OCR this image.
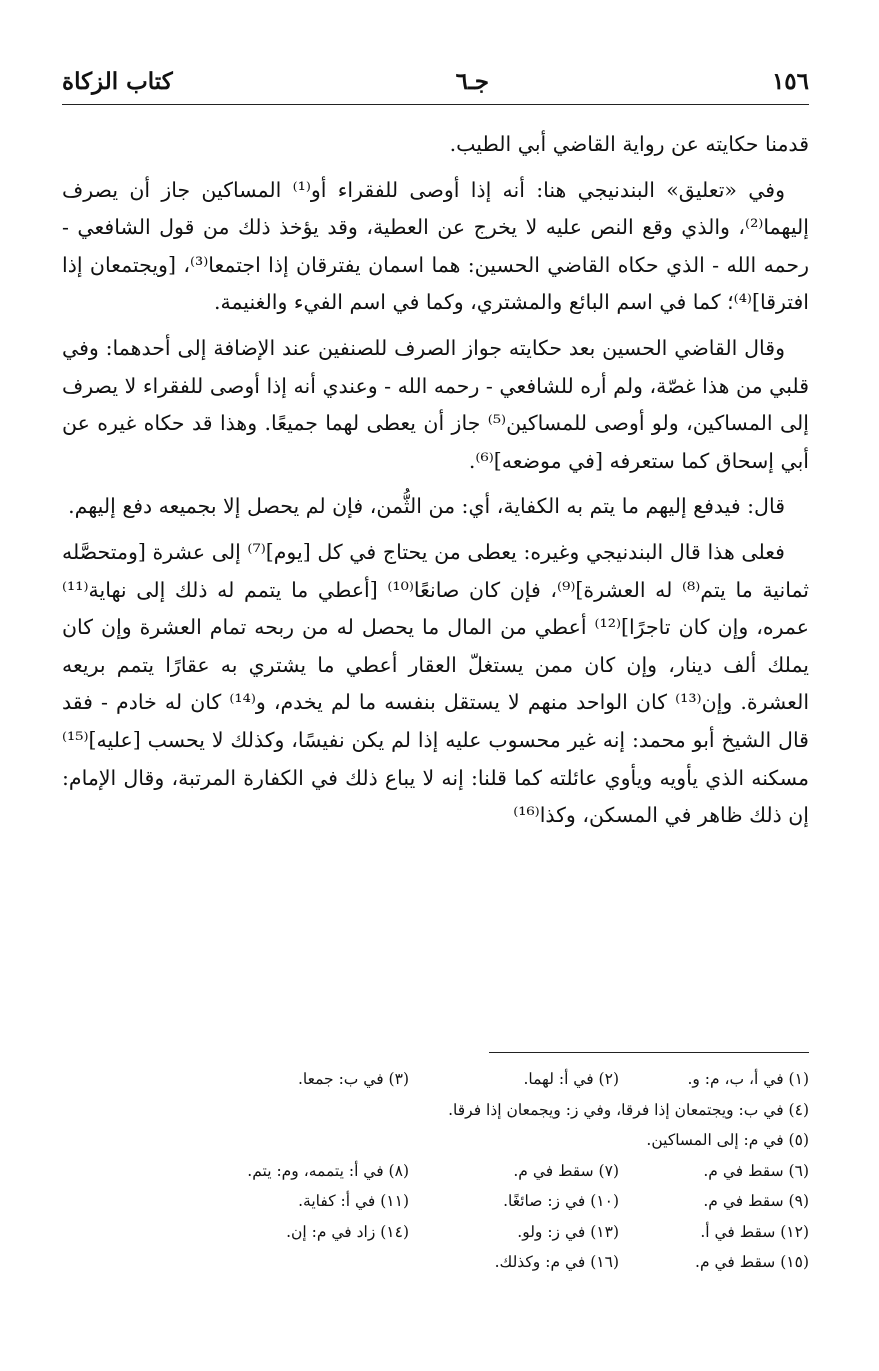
١٥٦
جـ٦
كتاب الزكاة

قدمنا حكايته عن رواية القاضي أبي الطيب.

وفي «تعليق» البندنيجي هنا: أنه إذا أوصى للفقراء أو⁽¹⁾ المساكين جاز أن يصرف إليهما⁽²⁾، والذي وقع النص عليه لا يخرج عن العطية، وقد يؤخذ ذلك من قول الشافعي - رحمه الله - الذي حكاه القاضي الحسين: هما اسمان يفترقان إذا اجتمعا⁽³⁾، [ويجتمعان إذا افترقا]⁽⁴⁾؛ كما في اسم البائع والمشتري، وكما في اسم الفيء والغنيمة.

وقال القاضي الحسين بعد حكايته جواز الصرف للصنفين عند الإضافة إلى أحدهما: وفي قلبي من هذا غصّة، ولم أره للشافعي - رحمه الله - وعندي أنه إذا أوصى للفقراء لا يصرف إلى المساكين، ولو أوصى للمساكين⁽⁵⁾ جاز أن يعطى لهما جميعًا. وهذا قد حكاه غيره عن أبي إسحاق كما ستعرفه [في موضعه]⁽⁶⁾.

قال: فيدفع إليهم ما يتم به الكفاية، أي: من الثُّمن، فإن لم يحصل إلا بجميعه دفع إليهم.

فعلى هذا قال البندنيجي وغيره: يعطى من يحتاج في كل [يوم]⁽⁷⁾ إلى عشرة [ومتحصَّله ثمانية ما يتم⁽⁸⁾ له العشرة]⁽⁹⁾، فإن كان صانعًا⁽¹⁰⁾ [أعطي ما يتمم له ذلك إلى نهاية⁽¹¹⁾ عمره، وإن كان تاجرًا]⁽¹²⁾ أعطي من المال ما يحصل له من ربحه تمام العشرة وإن كان يملك ألف دينار، وإن كان ممن يستغلّ العقار أعطي ما يشتري به عقارًا يتمم بريعه العشرة. وإن⁽¹³⁾ كان الواحد منهم لا يستقل بنفسه ما لم يخدم، و⁽¹⁴⁾ كان له خادم - فقد قال الشيخ أبو محمد: إنه غير محسوب عليه إذا لم يكن نفيسًا، وكذلك لا يحسب [عليه]⁽¹⁵⁾ مسكنه الذي يأويه ويأوي عائلته كما قلنا: إنه لا يباع ذلك في الكفارة المرتبة، وقال الإمام: إن ذلك ظاهر في المسكن، وكذا⁽¹⁶⁾

(١) في أ، ب، م: و.
(٢) في أ: لهما.
(٣) في ب: جمعا.
(٤) في ب: ويجتمعان إذا فرقا، وفي ز: ويجمعان إذا فرقا.
(٥) في م: إلى المساكين.
(٦) سقط في م.
(٧) سقط في م.
(٨) في أ: يتممه، وم: يتم.
(٩) سقط في م.
(١٠) في ز: صائغًا.
(١١) في أ: كفاية.
(١٢) سقط في أ.
(١٣) في ز: ولو.
(١٤) زاد في م: إن.
(١٥) سقط في م.
(١٦) في م: وكذلك.
